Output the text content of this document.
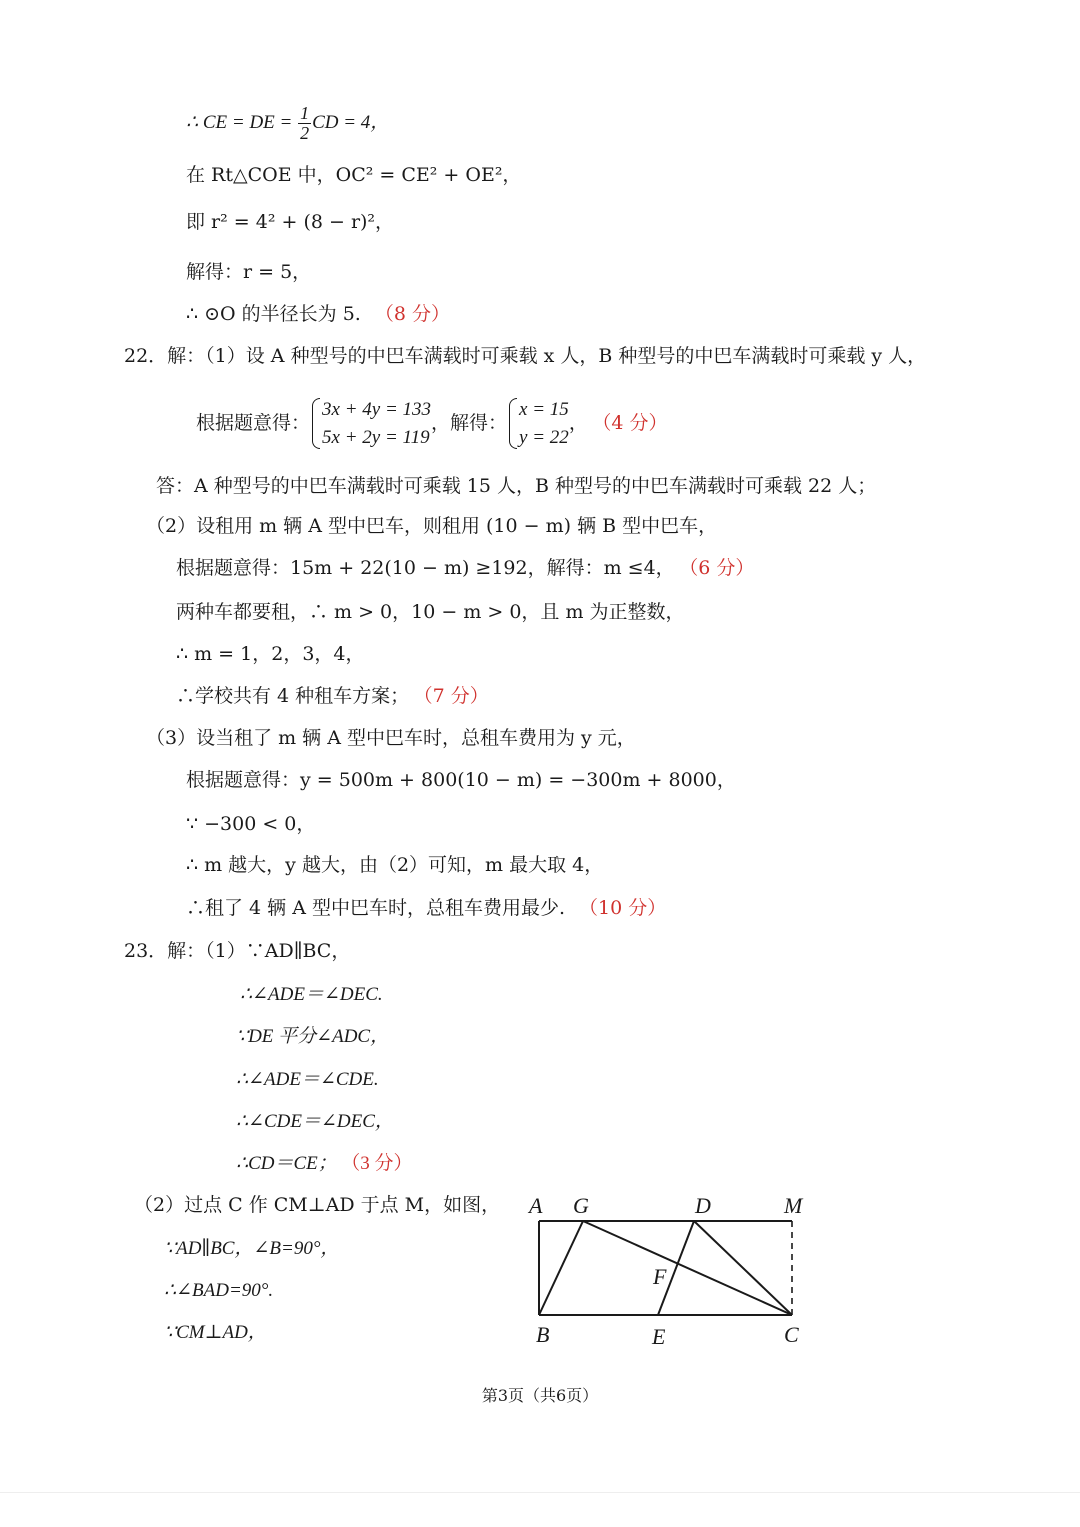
∴ CE = DE = $\frac{1}{2}$ CD = 4，
在 Rt△COE 中，OC² = CE² + OE²，
即 r² = 4² + (8 − r)²，
解得：r = 5，
∴ ⊙O 的半径长为 5. （8 分）
22．解：（1）设 A 种型号的中巴车满载时可乘载 x 人，B 种型号的中巴车满载时可乘载 y 人，
根据题意得：
3x + 4y = 133
5x + 2y = 119
，解得：
x = 15
y = 22
， （4 分）
答：A 种型号的中巴车满载时可乘载 15 人，B 种型号的中巴车满载时可乘载 22 人；
（2）设租用 m 辆 A 型中巴车，则租用 (10 − m) 辆 B 型中巴车，
根据题意得：15m + 22(10 − m) ≥192，解得：m ≤4， （6 分）
两种车都要租，∴ m > 0，10 − m > 0，且 m 为正整数，
∴ m = 1，2，3，4，
∴学校共有 4 种租车方案； （7 分）
（3）设当租了 m 辆 A 型中巴车时，总租车费用为 y 元，
根据题意得：y = 500m + 800(10 − m) = −300m + 8000，
∵ −300 < 0，
∴ m 越大，y 越大，由（2）可知，m 最大取 4，
∴租了 4 辆 A 型中巴车时，总租车费用最少. （10 分）
23．解：（1）∵AD∥BC，
∴∠ADE＝∠DEC.
∵DE 平分∠ADC，
∴∠ADE＝∠CDE.
∴∠CDE＝∠DEC，
∴CD＝CE； （3 分）
（2）过点 C 作 CM⊥AD 于点 M，如图，
∵AD∥BC，∠B=90°，
∴∠BAD=90°.
∵CM⊥AD，
A G	D	M
F
B	E	C
第3页（共6页）
